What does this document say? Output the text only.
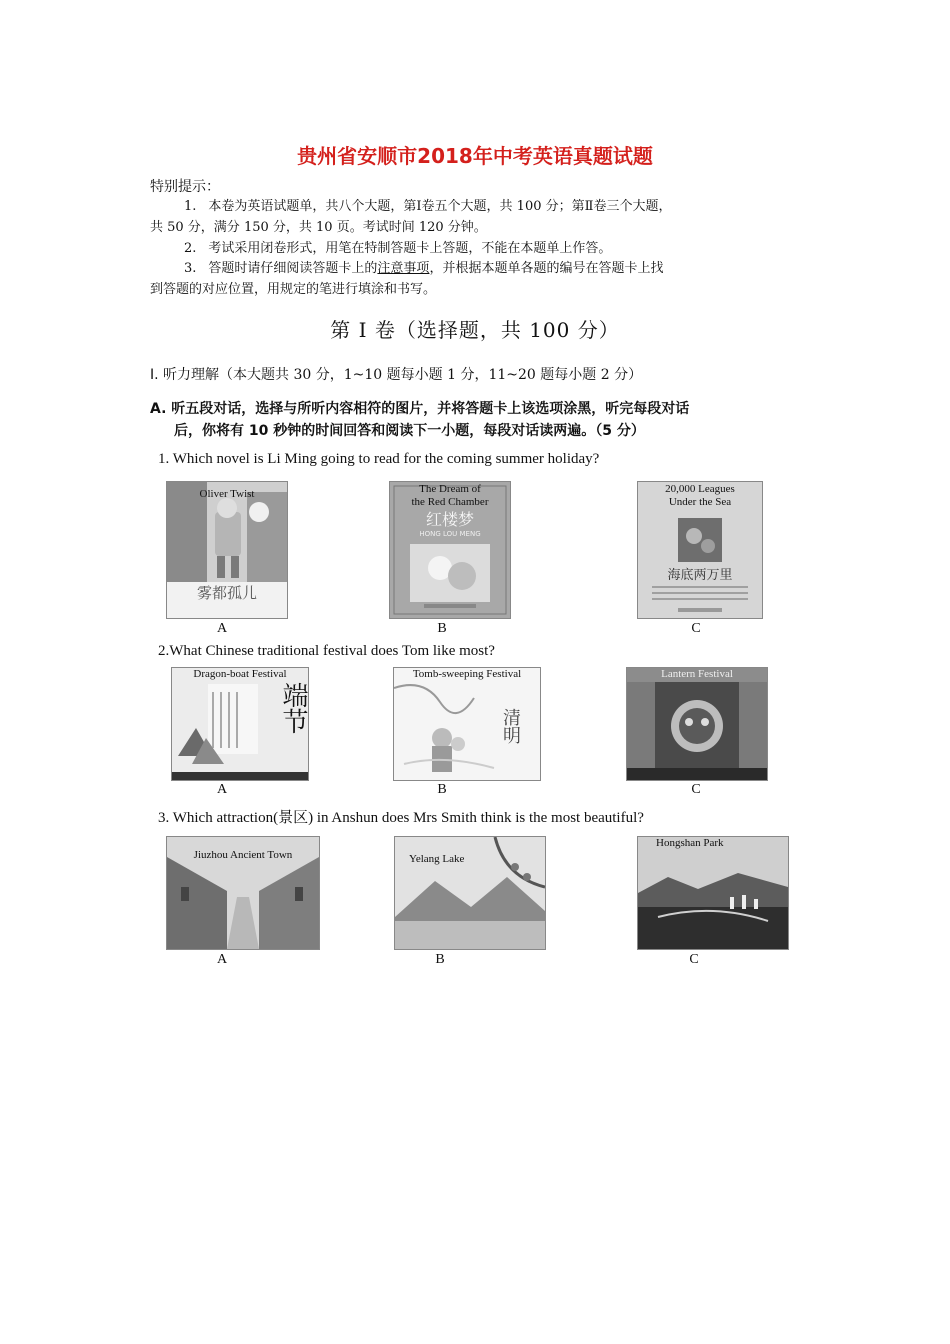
贵州省安顺市2018年中考英语真题试题
特别提示：
1. 本卷为英语试题单，共八个大题，第Ⅰ卷五个大题，共 100 分；第Ⅱ卷三个大题，
共 50 分，满分 150 分，共 10 页。考试时间 120 分钟。
2. 考试采用闭卷形式，用笔在特制答题卡上答题，不能在本题单上作答。
3. 答题时请仔细阅读答题卡上的注意事项，并根据本题单各题的编号在答题卡上找
到答题的对应位置，用规定的笔进行填涂和书写。
第 Ⅰ 卷（选择题，共 100 分）
Ⅰ. 听力理解（本大题共 30 分，1~10 题每小题 1 分，11~20 题每小题 2 分）
A. 听五段对话，选择与所听内容相符的图片，并将答题卡上该选项涂黑，听完每段对话
后，你将有 10 秒钟的时间回答和阅读下一小题，每段对话读两遍。（5 分）
1. Which novel is Li Ming going to read for the coming summer holiday?
Oliver Twist
雾都孤儿
A
The Dream of
the Red Chamber
红楼梦
HONG LOU MENG
B
20,000 Leagues
Under the Sea
海底两万里
C
2.What Chinese traditional festival does Tom like most?
Dragon-boat Festival
端节
A
Tomb-sweeping Festival
清明
B
Lantern Festival
C
3. Which attraction(景区) in Anshun does Mrs Smith think is the most beautiful?
Jiuzhou Ancient Town
A
Yelang Lake
B
Hongshan Park
C
